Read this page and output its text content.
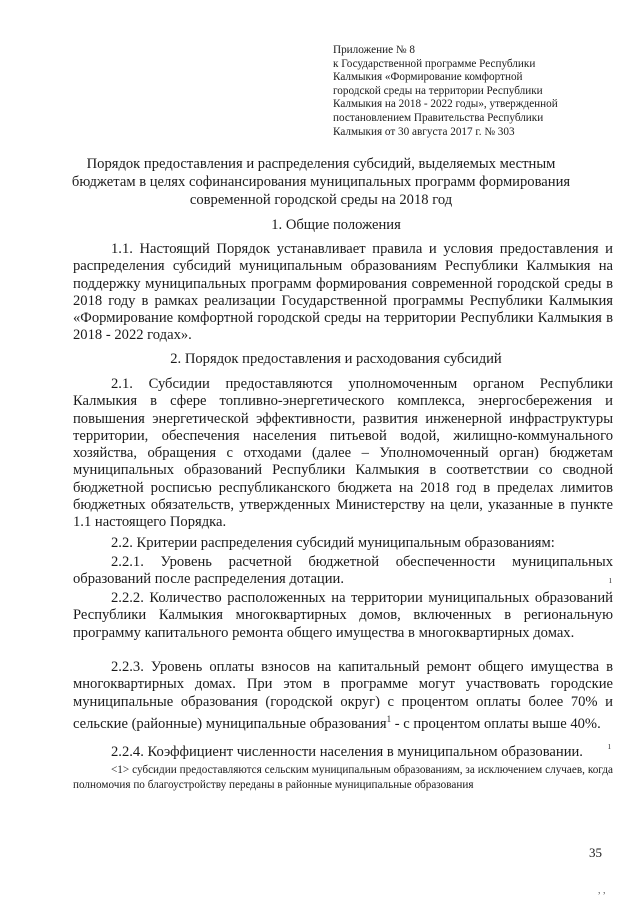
Приложение № 8
к Государственной программе Республики
Калмыкия «Формирование комфортной
городской среды на территории Республики
Калмыкия на 2018 - 2022 годы», утвержденной
постановлением Правительства Республики
Калмыкия от 30 августа 2017 г. № 303
Порядок предоставления и распределения субсидий, выделяемых местным бюджетам в целях софинансирования муниципальных программ формирования современной городской среды на 2018 год
1. Общие положения
1.1. Настоящий Порядок устанавливает правила и условия предоставления и распределения субсидий муниципальным образованиям Республики Калмыкия на поддержку муниципальных программ формирования современной городской среды в 2018 году в рамках реализации Государственной программы Республики Калмыкия «Формирование комфортной городской среды на территории Республики Калмыкия в 2018 - 2022 годах».
2. Порядок предоставления и расходования субсидий
2.1. Субсидии предоставляются уполномоченным органом Республики Калмыкия в сфере топливно-энергетического комплекса, энергосбережения и повышения энергетической эффективности, развития инженерной инфраструктуры территории, обеспечения населения питьевой водой, жилищно-коммунального хозяйства, обращения с отходами (далее – Уполномоченный орган) бюджетам муниципальных образований Республики Калмыкия в соответствии со сводной бюджетной росписью республиканского бюджета на 2018 год в пределах лимитов бюджетных обязательств, утвержденных Министерству на цели, указанные в пункте 1.1 настоящего Порядка.
2.2. Критерии распределения субсидий муниципальным образованиям:
2.2.1. Уровень расчетной бюджетной обеспеченности муниципальных образований после распределения дотации.
2.2.2. Количество расположенных на территории муниципальных образований Республики Калмыкия многоквартирных домов, включенных в региональную программу капитального ремонта общего имущества в многоквартирных домах.
2.2.3. Уровень оплаты взносов на капитальный ремонт общего имущества в многоквартирных домах. При этом в программе могут участвовать городские муниципальные образования (городской округ) с процентом оплаты более 70% и сельские (районные) муниципальные образования$^1$ - с процентом оплаты выше 40%.
2.2.4. Коэффициент численности населения в муниципальном образовании.
<1> субсидии предоставляются сельским муниципальным образованиям, за исключением случаев, когда полномочия по благоустройству переданы в районные муниципальные образования
35
ı
ı
, ,
